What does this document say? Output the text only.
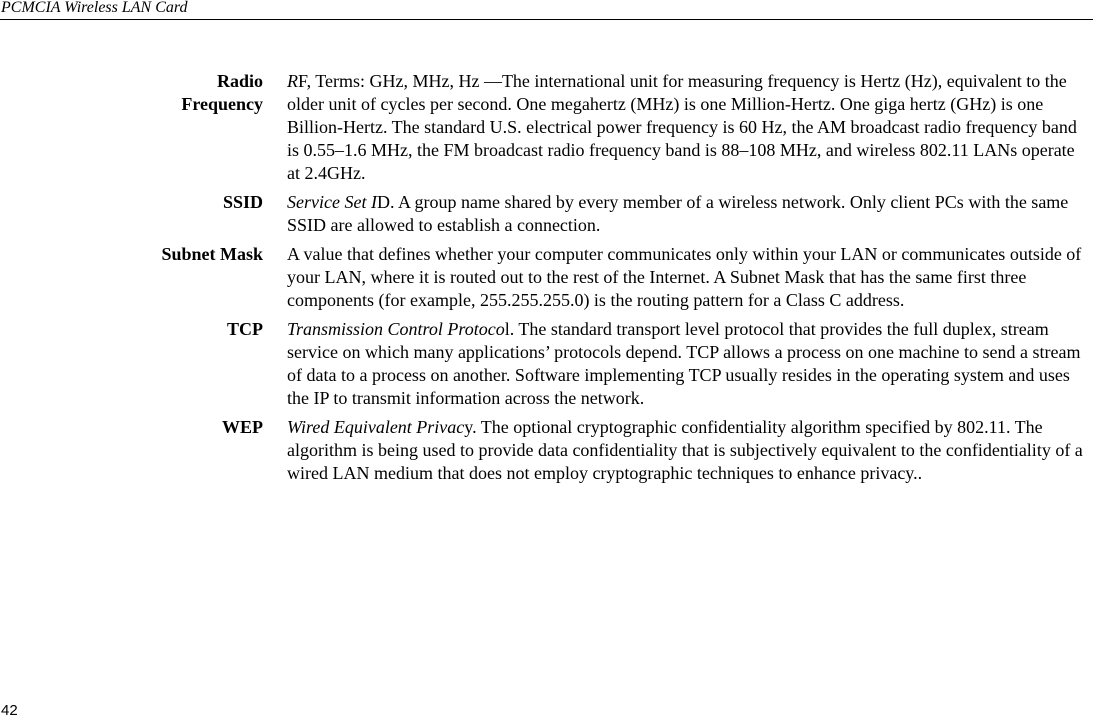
PCMCIA Wireless LAN Card
Radio
Frequency
RF, Terms: GHz, MHz, Hz —The international unit for measuring frequency is Hertz (Hz), equivalent to the older unit of cycles per second. One megahertz (MHz) is one Million-Hertz. One giga hertz (GHz) is one Billion-Hertz. The standard U.S. electrical power frequency is 60 Hz, the AM broadcast radio frequency band is 0.55–1.6 MHz, the FM broadcast radio frequency band is 88–108 MHz, and wireless 802.11 LANs operate at 2.4GHz.
SSID Service Set ID. A group name shared by every member of a wireless network. Only client PCs with the same SSID are allowed to establish a connection.
Subnet Mask A value that defines whether your computer communicates only within your LAN or communicates outside of your LAN, where it is routed out to the rest of the Internet. A Subnet Mask that has the same first three components (for example, 255.255.255.0) is the routing pattern for a Class C address.
TCP Transmission Control Protocol. The standard transport level protocol that provides the full duplex, stream service on which many applications’ protocols depend. TCP allows a process on one machine to send a stream of data to a process on another. Software implementing TCP usually resides in the operating system and uses the IP to transmit information across the network.
WEP Wired Equivalent Privacy. The optional cryptographic confidentiality algorithm specified by 802.11. The algorithm is being used to provide data confidentiality that is subjectively equivalent to the confidentiality of a wired LAN medium that does not employ cryptographic techniques to enhance privacy..
42
